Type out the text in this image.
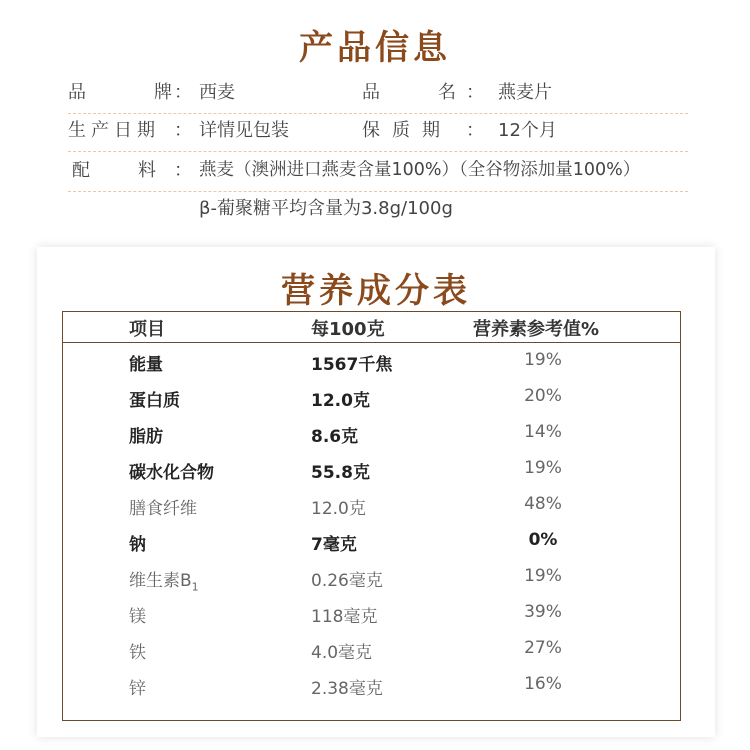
产品信息
品	牌 ： 西麦	品	名 ： 燕麦片
生产日期 ： 详情见包装	保质期 ： 12个月
配	料 ： 燕麦（澳洲进口燕麦含量100%）（全谷物添加量100%）
β-葡聚糖平均含量为3.8g/100g
营养成分表
项目	每100克	营养素参考值%
能量	1567千焦	19%
蛋白质	12.0克	20%
脂肪	8.6克	14%
碳水化合物	55.8克	19%
膳食纤维	12.0克	48%
钠	7毫克	0%
维生素$B_1$	0.26毫克	19%
镁	118毫克	39%
铁	4.0毫克	27%
锌	2.38毫克	16%
